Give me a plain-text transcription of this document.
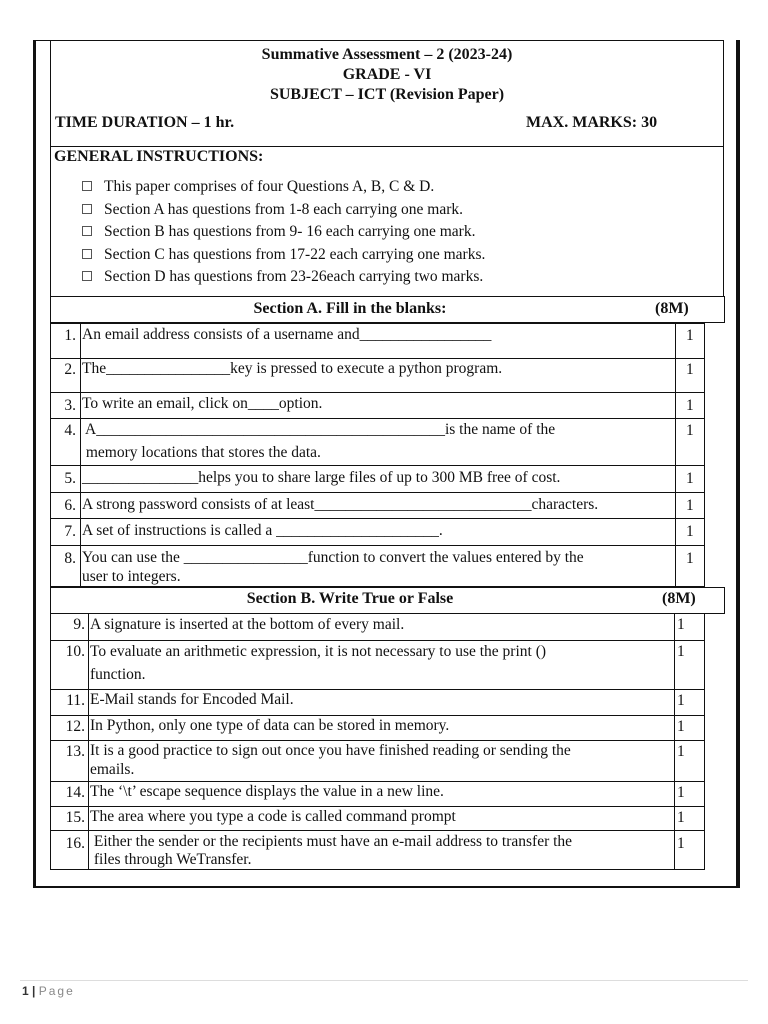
Summative Assessment – 2 (2023-24)
GRADE - VI
SUBJECT – ICT (Revision Paper)
TIME DURATION – 1 hr.	MAX. MARKS: 30
GENERAL INSTRUCTIONS:
This paper comprises of four Questions A, B, C & D.
Section A has questions from 1-8 each carrying one mark.
Section B has questions from 9- 16 each carrying one mark.
Section C has questions from 17-22 each carrying one marks.
Section D has questions from 23-26each carrying two marks.
Section A. Fill in the blanks:	(8M)
1. An email address consists of a username and_________________	1
2. The________________key is pressed to execute a python program.	1
3. To write an email, click on____option.	1
4. A_____________________________________________is the name of the
memory locations that stores the data.
1
5. _______________helps you to share large files of up to 300 MB free of cost.	1
6. A strong password consists of at least____________________________characters.	1
7. A set of instructions is called a _____________________.	1
8. You can use the ________________function to convert the values entered by the
user to integers.
1
Section B. Write True or False	(8M)
9. A signature is inserted at the bottom of every mail.	1
10. To evaluate an arithmetic expression, it is not necessary to use the print ()
function.
1
11. E-Mail stands for Encoded Mail.	1
12. In Python, only one type of data can be stored in memory.	1
13. It is a good practice to sign out once you have finished reading or sending the
emails.
1
14. The ‘\t’ escape sequence displays the value in a new line.	1
15. The area where you type a code is called command prompt	1
16. Either the sender or the recipients must have an e-mail address to transfer the
files through WeTransfer.
1
1 | Page
